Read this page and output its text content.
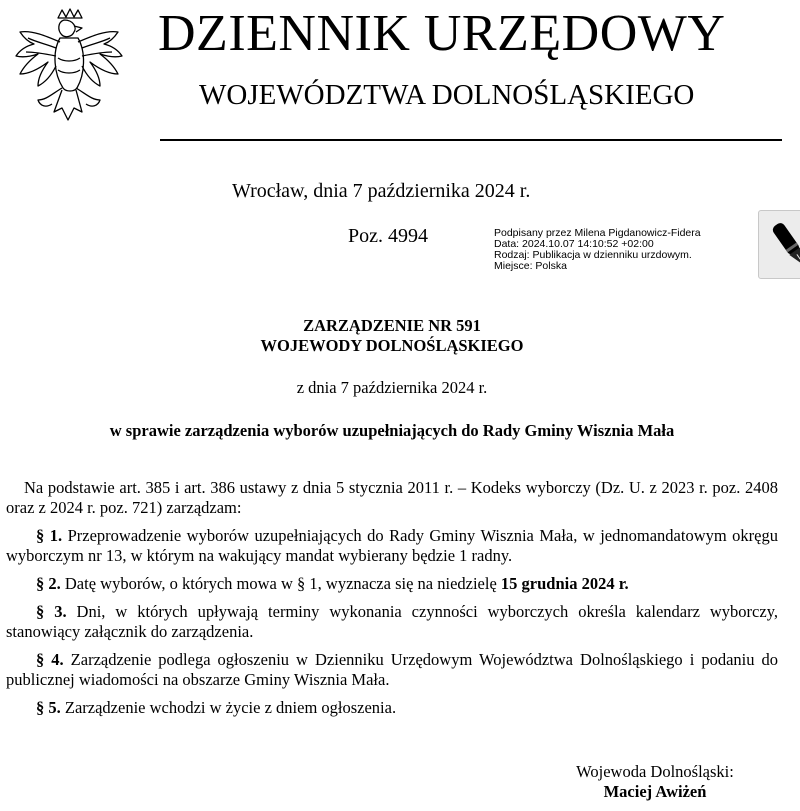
DZIENNIK URZĘDOWY
WOJEWÓDZTWA DOLNOŚLĄSKIEGO
Wrocław, dnia 7 października 2024 r.
Poz. 4994	Podpisany przez Milena Pigdanowicz-Fidera
Data: 2024.10.07 14:10:52 +02:00
Rodzaj: Publikacja w dzienniku urzdowym.
Miejsce: Polska
ZARZĄDZENIE NR 591
WOJEWODY DOLNOŚLĄSKIEGO
z dnia 7 października 2024 r.
w sprawie zarządzenia wyborów uzupełniających do Rady Gminy Wisznia Mała

Na podstawie art. 385 i art. 386 ustawy z dnia 5 stycznia 2011 r. – Kodeks wyborczy (Dz. U. z 2023 r. poz. 2408 oraz z 2024 r. poz. 721) zarządzam:

§ 1. Przeprowadzenie wyborów uzupełniających do Rady Gminy Wisznia Mała, w jednomandatowym okręgu wyborczym nr 13, w którym na wakujący mandat wybierany będzie 1 radny.

§ 2. Datę wyborów, o których mowa w § 1, wyznacza się na niedzielę 15 grudnia 2024 r.

§ 3. Dni, w których upływają terminy wykonania czynności wyborczych określa kalendarz wyborczy, stanowiący załącznik do zarządzenia.

§ 4. Zarządzenie podlega ogłoszeniu w Dzienniku Urzędowym Województwa Dolnośląskiego i podaniu do publicznej wiadomości na obszarze Gminy Wisznia Mała.

§ 5. Zarządzenie wchodzi w życie z dniem ogłoszenia.

Wojewoda Dolnośląski:
Maciej Awiżeń
